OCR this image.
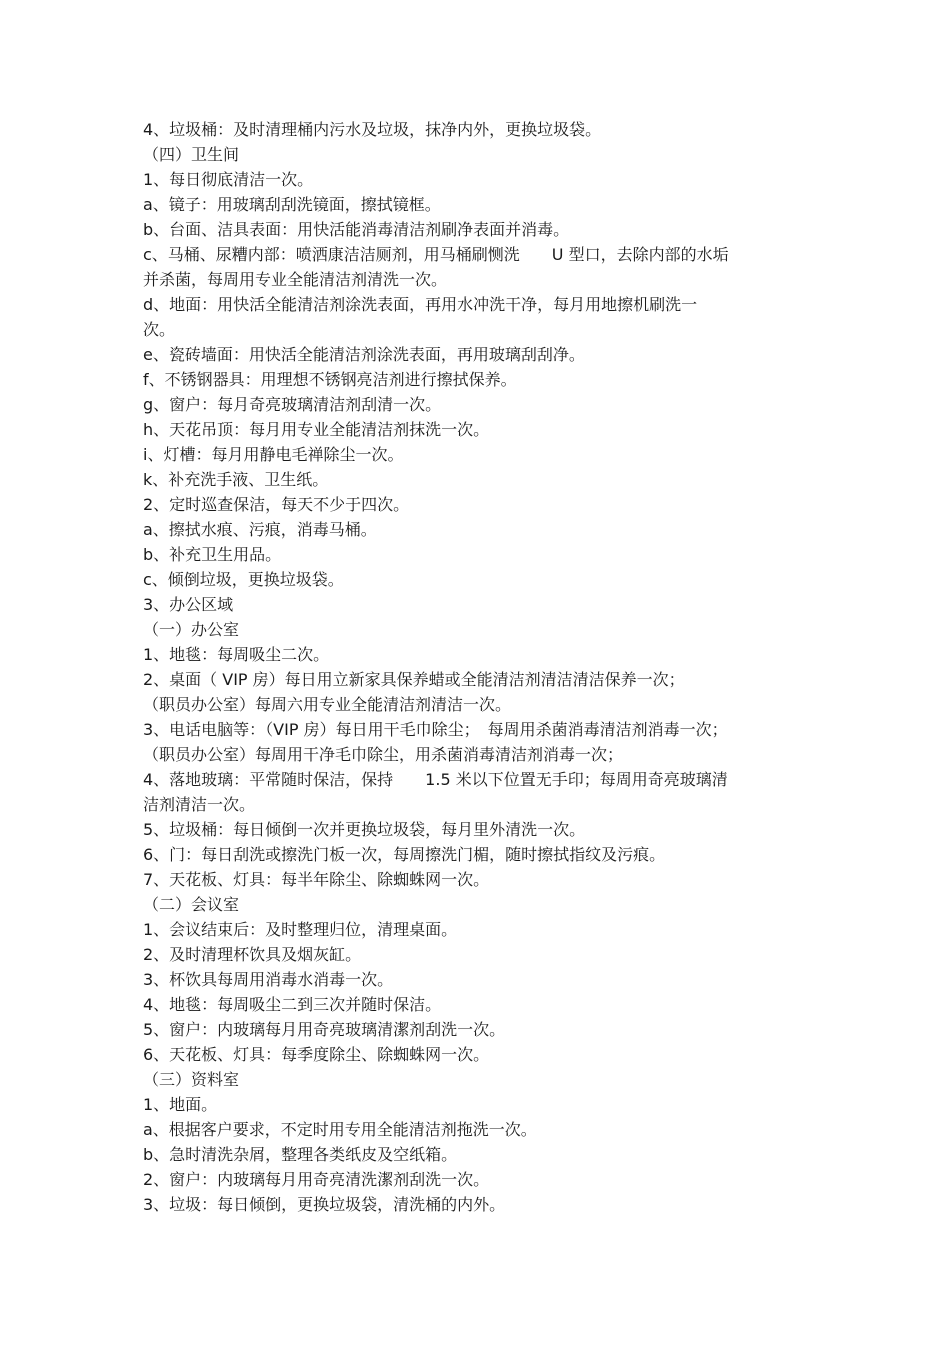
4、垃圾桶：及时清理桶内污水及垃圾，抹净内外，更换垃圾袋。

（四）卫生间

1、每日彻底清洁一次。

a、镜子：用玻璃刮刮洗镜面，擦拭镜框。

b、台面、洁具表面：用快活能消毒清洁剂刷净表面并消毒。

c、马桶、尿糟内部：喷洒康洁洁厕剂，用马桶刷恻洗　　U 型口，去除内部的水垢

并杀菌，每周用专业全能清洁剂清洗一次。

d、地面：用快活全能清洁剂涂洗表面，再用水冲洗干净，每月用地擦机刷洗一

次。

e、瓷砖墙面：用快活全能清洁剂涂洗表面，再用玻璃刮刮净。

f、不锈钢器具：用理想不锈钢亮洁剂进行擦拭保养。

g、窗户：每月奇亮玻璃清洁剂刮清一次。

h、天花吊顶：每月用专业全能清洁剂抹洗一次。

i、灯槽：每月用静电毛禅除尘一次。

k、补充洗手液、卫生纸。

2、定时巡查保洁，每天不少于四次。

a、擦拭水痕、污痕，消毒马桶。

b、补充卫生用品。

c、倾倒垃圾，更换垃圾袋。

3、办公区域

（一）办公室

1、地毯：每周吸尘二次。

2、桌面（ VIP 房）每日用立新家具保养蜡或全能清洁剂清洁清洁保养一次；

（职员办公室）每周六用专业全能清洁剂清洁一次。

3、电话电脑等：（VIP 房）每日用干毛巾除尘；　每周用杀菌消毒清洁剂消毒一次；

（职员办公室）每周用干净毛巾除尘，用杀菌消毒清洁剂消毒一次；

4、落地玻璃：平常随时保洁，保持　　1.5 米以下位置无手印；每周用奇亮玻璃清

洁剂清洁一次。

5、垃圾桶：每日倾倒一次并更换垃圾袋，每月里外清洗一次。

6、门：每日刮洗或擦洗门板一次，每周擦洗门楣，随时擦拭指纹及污痕。

7、天花板、灯具：每半年除尘、除蜘蛛网一次。

（二）会议室

1、会议结束后：及时整理归位，清理桌面。

2、及时清理杯饮具及烟灰缸。

3、杯饮具每周用消毒水消毒一次。

4、地毯：每周吸尘二到三次并随时保洁。

5、窗户：内玻璃每月用奇亮玻璃清潔剂刮洗一次。

6、天花板、灯具：每季度除尘、除蜘蛛网一次。

（三）资料室

1、地面。

a、根据客户要求，不定时用专用全能清洁剂拖洗一次。

b、急时清洗杂屑，整理各类纸皮及空纸箱。

2、窗户：内玻璃每月用奇亮清洗潔剂刮洗一次。

3、垃圾：每日倾倒，更换垃圾袋，清洗桶的内外。
